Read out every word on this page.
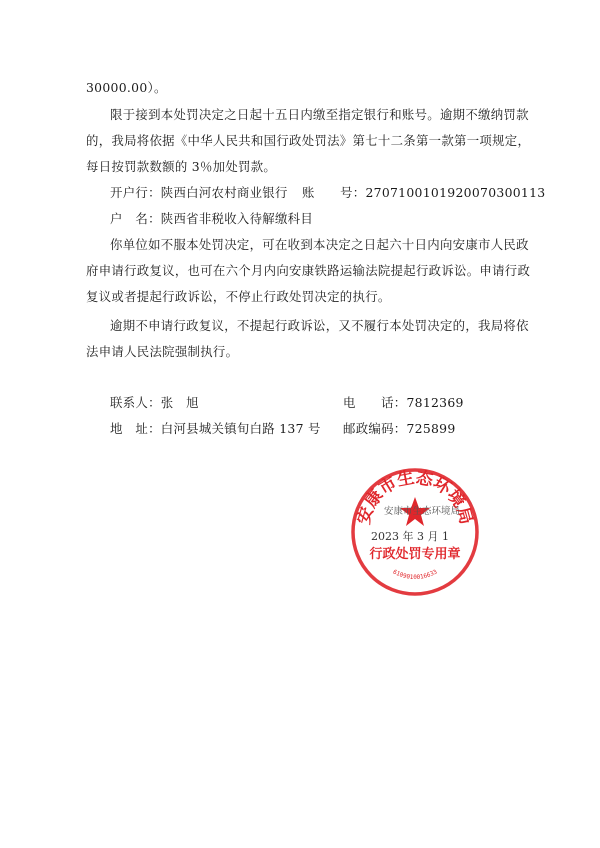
30000.00）。
限于接到本处罚决定之日起十五日内缴至指定银行和账号。逾期不缴纳罚款
的，我局将依据《中华人民共和国行政处罚法》第七十二条第一款第一项规定，
每日按罚款数额的 3％加处罚款。
开户行：陕西白河农村商业银行 账　　号：2707100101920070300113
户　名：陕西省非税收入待解缴科目
你单位如不服本处罚决定，可在收到本决定之日起六十日内向安康市人民政
府申请行政复议，也可在六个月内向安康铁路运输法院提起行政诉讼。申请行政
复议或者提起行政诉讼，不停止行政处罚决定的执行。
逾期不申请行政复议，不提起行政诉讼，又不履行本处罚决定的，我局将依
法申请人民法院强制执行。
联系人：张　旭	电　　话：7812369
地　址：白河县城关镇旬白路 137 号 邮政编码：725899
安康市生态环境局
安康市生态环境局
2023 年 3 月 1
行政处罚专用章
6109010016633
